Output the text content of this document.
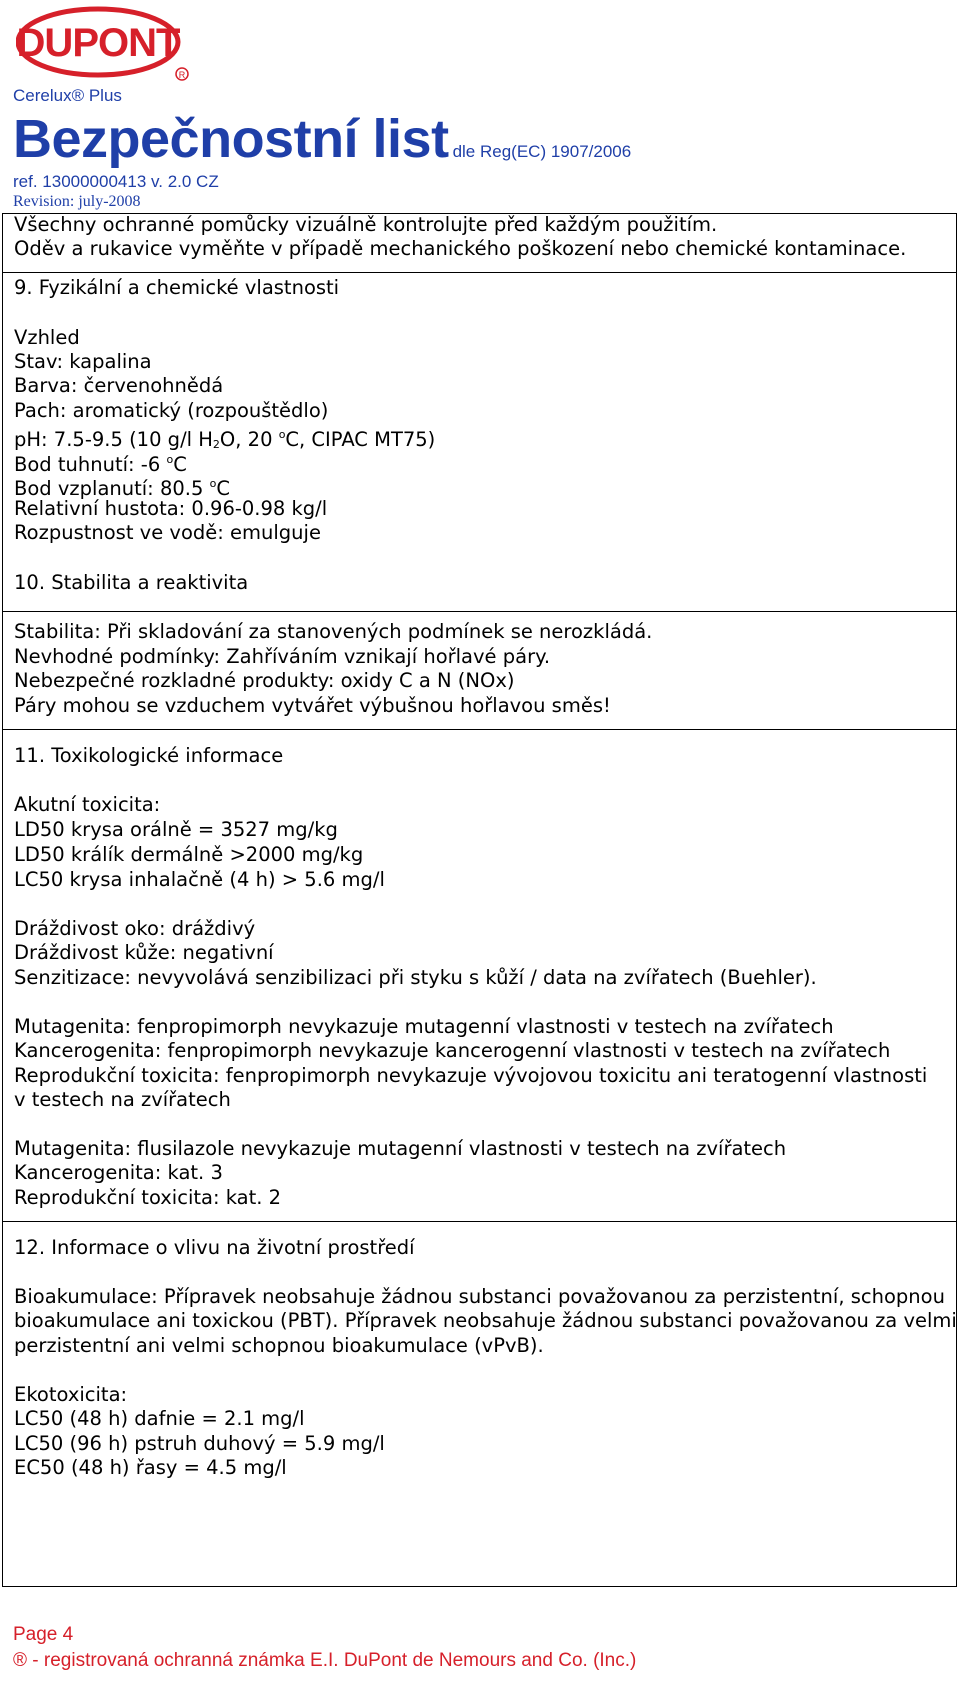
DUPONT
R
Cerelux® Plus
Bezpečnostní list dle Reg(EC) 1907/2006
ref. 13000000413 v. 2.0 CZ
Revision: july-2008
Všechny ochranné pomůcky vizuálně kontrolujte před každým použitím.
Oděv a rukavice vyměňte v případě mechanického poškození nebo chemické kontaminace.
9. Fyzikální a chemické vlastnosti
Vzhled
Stav: kapalina
Barva: červenohnědá
Pach: aromatický (rozpouštědlo)
pH: 7.5-9.5 (10 g/l $H_2O$, 20 $^o$C, CIPAC MT75)
Bod tuhnutí: -6 $^o$C
Bod vzplanutí: 80.5 $^o$C
Relativní hustota: 0.96-0.98 kg/l
Rozpustnost ve vodě: emulguje
10. Stabilita a reaktivita
Stabilita: Při skladování za stanovených podmínek se nerozkládá.
Nevhodné podmínky: Zahříváním vznikají hořlavé páry.
Nebezpečné rozkladné produkty: oxidy C a N (NOx)
Páry mohou se vzduchem vytvářet výbušnou hořlavou směs!
11. Toxikologické informace
Akutní toxicita:
LD50 krysa orálně = 3527 mg/kg
LD50 králík dermálně >2000 mg/kg
LC50 krysa inhalačně (4 h) > 5.6 mg/l
Dráždivost oko: dráždivý
Dráždivost kůže: negativní
Senzitizace: nevyvolává senzibilizaci při styku s kůží / data na zvířatech (Buehler).
Mutagenita: fenpropimorph nevykazuje mutagenní vlastnosti v testech na zvířatech
Kancerogenita: fenpropimorph nevykazuje kancerogenní vlastnosti v testech na zvířatech
Reprodukční toxicita: fenpropimorph nevykazuje vývojovou toxicitu ani teratogenní vlastnosti
v testech na zvířatech
Mutagenita: flusilazole nevykazuje mutagenní vlastnosti v testech na zvířatech
Kancerogenita: kat. 3
Reprodukční toxicita: kat. 2
12. Informace o vlivu na životní prostředí
Bioakumulace: Přípravek neobsahuje žádnou substanci považovanou za perzistentní, schopnou
bioakumulace ani toxickou (PBT). Přípravek neobsahuje žádnou substanci považovanou za velmi
perzistentní ani velmi schopnou bioakumulace (vPvB).
Ekotoxicita:
LC50 (48 h) dafnie = 2.1 mg/l
LC50 (96 h) pstruh duhový = 5.9 mg/l
EC50 (48 h) řasy = 4.5 mg/l
Page 4
® - registrovaná ochranná známka E.I. DuPont de Nemours and Co. (Inc.)
